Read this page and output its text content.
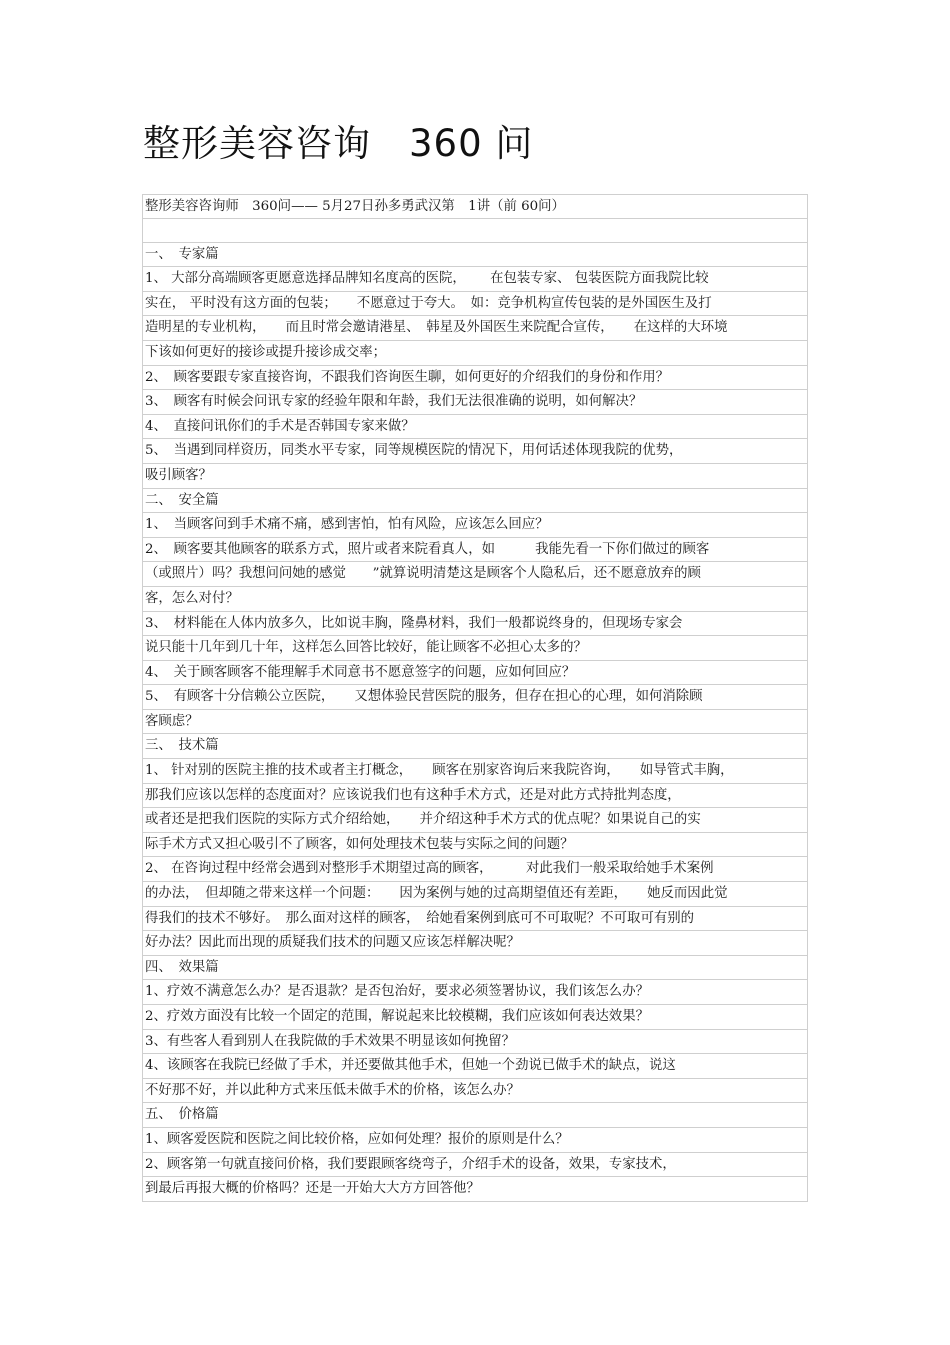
整形美容咨询　360 问
整形美容咨询师　360问—— 5月27日孙多勇武汉第　1讲（前 60问）
一、　专家篇
1、 大部分高端顾客更愿意选择品牌知名度高的医院，　　 在包装专家、 包装医院方面我院比较
实在， 平时没有这方面的包装；　　不愿意过于夸大。　如：竞争机构宣传包装的是外国医生及打
造明星的专业机构，　　而且时常会邀请港星、　韩星及外国医生来院配合宣传，　　在这样的大环境
下该如何更好的接诊或提升接诊成交率；
2、　顾客要跟专家直接咨询，不跟我们咨询医生聊，如何更好的介绍我们的身份和作用？
3、　顾客有时候会问讯专家的经验年限和年龄，我们无法很准确的说明，如何解决？
4、　直接问讯你们的手术是否韩国专家来做？
5、　当遇到同样资历，同类水平专家，同等规模医院的情况下，用何话述体现我院的优势，
吸引顾客？
二、　安全篇
1、　当顾客问到手术痛不痛，感到害怕，怕有风险，应该怎么回应？
2、　顾客要其他顾客的联系方式，照片或者来院看真人，如　　　我能先看一下你们做过的顾客
（或照片）吗？我想问问她的感觉　　”就算说明清楚这是顾客个人隐私后，还不愿意放弃的顾
客，怎么对付？
3、　材料能在人体内放多久，比如说丰胸，隆鼻材料，我们一般都说终身的，但现场专家会
说只能十几年到几十年，这样怎么回答比较好，能让顾客不必担心太多的？
4、　关于顾客顾客不能理解手术同意书不愿意签字的问题，应如何回应？
5、　有顾客十分信赖公立医院，　　又想体验民营医院的服务，但存在担心的心理，如何消除顾
客顾虑？
三、　技术篇
1、 针对别的医院主推的技术或者主打概念，　　顾客在别家咨询后来我院咨询，　　如导管式丰胸，
那我们应该以怎样的态度面对？应该说我们也有这种手术方式，还是对此方式持批判态度，
或者还是把我们医院的实际方式介绍给她，　　并介绍这种手术方式的优点呢？如果说自己的实
际手术方式又担心吸引不了顾客，如何处理技术包装与实际之间的问题？
2、 在咨询过程中经常会遇到对整形手术期望过高的顾客，　　　对此我们一般采取给她手术案例
的办法，　但却随之带来这样一个问题：　　因为案例与她的过高期望值还有差距，　　她反而因此觉
得我们的技术不够好。　那么面对这样的顾客，　给她看案例到底可不可取呢？不可取可有别的
好办法？因此而出现的质疑我们技术的问题又应该怎样解决呢？
四、　效果篇
1、疗效不满意怎么办？是否退款？是否包治好，要求必须签署协议，我们该怎么办？
2、疗效方面没有比较一个固定的范围，解说起来比较模糊，我们应该如何表达效果？
3、有些客人看到别人在我院做的手术效果不明显该如何挽留？
4、该顾客在我院已经做了手术，并还要做其他手术，但她一个劲说已做手术的缺点，说这
不好那不好，并以此种方式来压低未做手术的价格，该怎么办？
五、　价格篇
1、顾客爱医院和医院之间比较价格，应如何处理？报价的原则是什么？
2、顾客第一句就直接问价格，我们要跟顾客绕弯子，介绍手术的设备，效果，专家技术，
到最后再报大概的价格吗？还是一开始大大方方回答他？
